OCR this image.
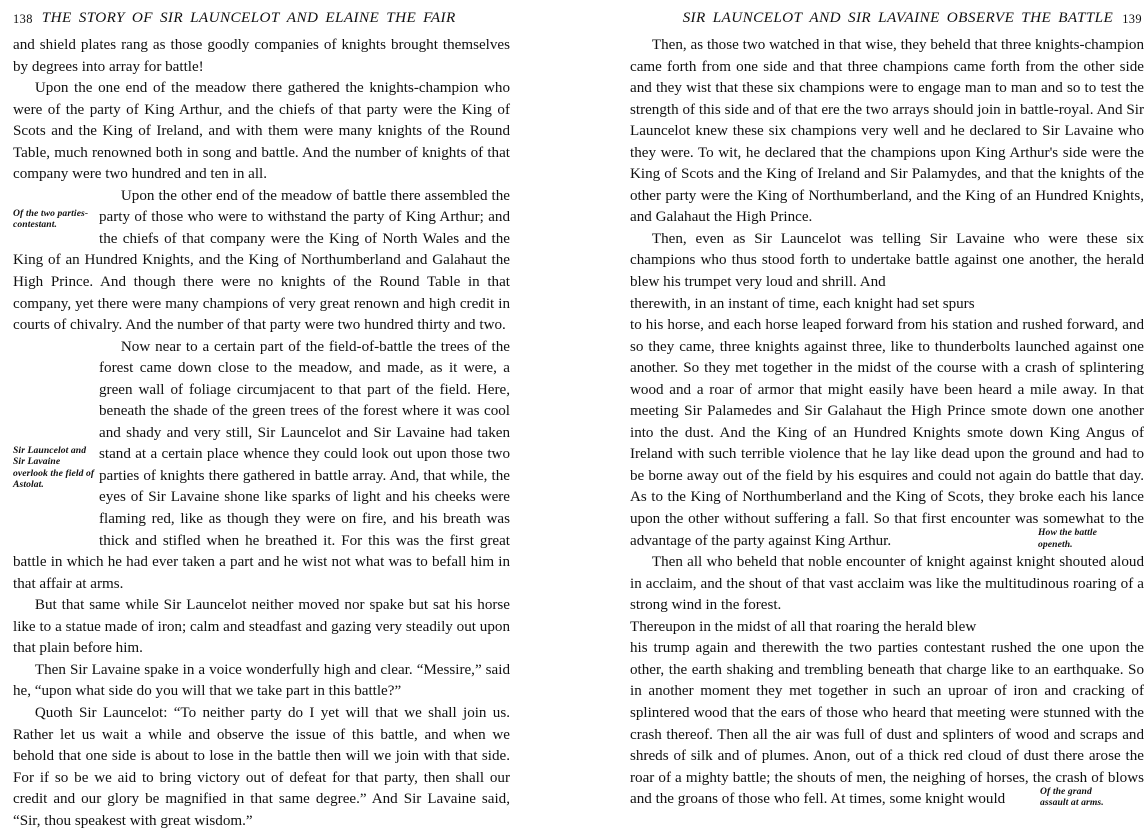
138 THE STORY OF SIR LAUNCELOT AND ELAINE THE FAIR

and shield plates rang as those goodly companies of knights brought themselves by degrees into array for battle!

Upon the one end of the meadow there gathered the knights-champion who were of the party of King Arthur, and the chiefs of that party were the King of Scots and the King of Ireland, and with them were many knights of the Round Table, much renowned both in song and battle. And the number of knights of that company were two hundred and ten in all.

Of the two parties-contestant.
Upon the other end of the meadow of battle there assembled the party of those who were to withstand the party of King Arthur; and the chiefs of that company were the King of North Wales and the King of an Hundred Knights, and the King of Northumberland and Galahaut the High Prince. And though there were no knights of the Round Table in that company, yet there were many champions of very great renown and high credit in courts of chivalry. And the number of that party were two hundred thirty and two.

Sir Launcelot and Sir Lavaine overlook the field of Astolat.
Now near to a certain part of the field-of-battle the trees of the forest came down close to the meadow, and made, as it were, a green wall of foliage circumjacent to that part of the field. Here, beneath the shade of the green trees of the forest where it was cool and shady and very still, Sir Launcelot and Sir Lavaine had taken stand at a certain place whence they could look out upon those two parties of knights there gathered in battle array. And, that while, the eyes of Sir Lavaine shone like sparks of light and his cheeks were flaming red, like as though they were on fire, and his breath was thick and stifled when he breathed it. For this was the first great battle in which he had ever taken a part and he wist not what was to befall him in that affair at arms.

But that same while Sir Launcelot neither moved nor spake but sat his horse like to a statue made of iron; calm and steadfast and gazing very steadily out upon that plain before him.

Then Sir Lavaine spake in a voice wonderfully high and clear. “Messire,” said he, “upon what side do you will that we take part in this battle?”

Quoth Sir Launcelot: “To neither party do I yet will that we shall join us. Rather let us wait a while and observe the issue of this battle, and when we behold that one side is about to lose in the battle then will we join with that side. For if so be we aid to bring victory out of defeat for that party, then shall our credit and our glory be magnified in that same degree.” And Sir Lavaine said, “Sir, thou speakest with great wisdom.”

SIR LAUNCELOT AND SIR LAVAINE OBSERVE THE BATTLE 139

Then, as those two watched in that wise, they beheld that three knights-champion came forth from one side and that three champions came forth from the other side and they wist that these six champions were to engage man to man and so to test the strength of this side and of that ere the two arrays should join in battle-royal. And Sir Launcelot knew these six champions very well and he declared to Sir Lavaine who they were. To wit, he declared that the champions upon King Arthur's side were the King of Scots and the King of Ireland and Sir Palamydes, and that the knights of the other party were the King of Northumberland, and the King of an Hundred Knights, and Galahaut the High Prince.

Then, even as Sir Launcelot was telling Sir Lavaine who were these six champions who thus stood forth to undertake battle against one another, the herald blew his trumpet very loud and shrill. And

therewith, in an instant of time, each knight had set spurs

How the battle
openeth.

to his horse, and each horse leaped forward from his station and rushed forward, and so they came, three knights against three, like to thunderbolts launched against one another. So they met together in the midst of the course with a crash of splintering wood and a roar of armor that might easily have been heard a mile away. In that meeting Sir Palamedes and Sir Galahaut the High Prince smote down one another into the dust. And the King of an Hundred Knights smote down King Angus of Ireland with such terrible violence that he lay like dead upon the ground and had to be borne away out of the field by his esquires and could not again do battle that day. As to the King of Northumberland and the King of Scots, they broke each his lance upon the other without suffering a fall. So that first encounter was somewhat to the advantage of the party against King Arthur.

Then all who beheld that noble encounter of knight against knight shouted aloud in acclaim, and the shout of that vast acclaim was like the multitudinous roaring of a strong wind in the forest.

Thereupon in the midst of all that roaring the herald blew

Of the grand
assault at arms.

his trump again and therewith the two parties contestant rushed the one upon the other, the earth shaking and trembling beneath that charge like to an earthquake. So in another moment they met together in such an uproar of iron and cracking of splintered wood that the ears of those who heard that meeting were stunned with the crash thereof. Then all the air was full of dust and splinters of wood and scraps and shreds of silk and of plumes. Anon, out of a thick red cloud of dust there arose the roar of a mighty battle; the shouts of men, the neighing of horses, the crash of blows and the groans of those who fell. At times, some knight would
